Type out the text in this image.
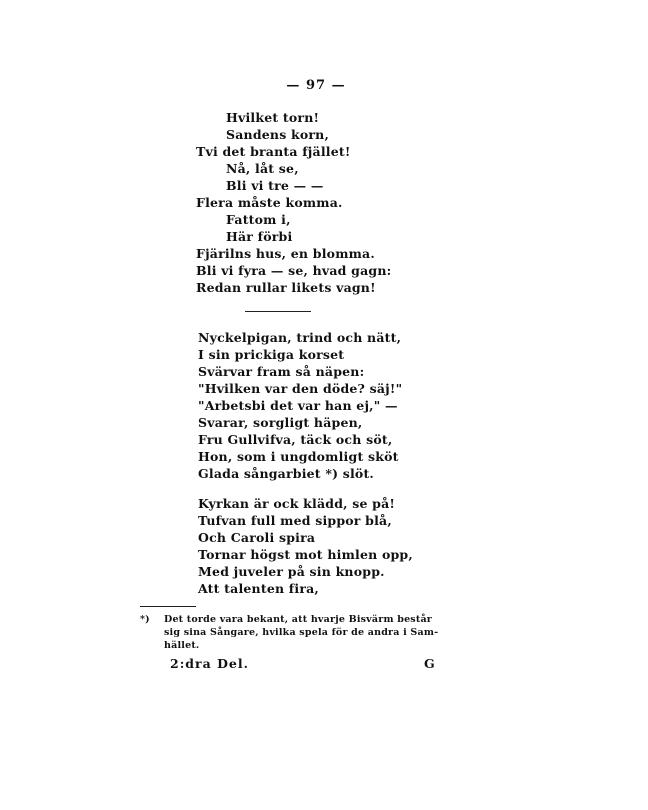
— 97 —
Hvilket torn!
Sandens korn,
Tvi det branta fjället!
Nå, låt se,
Bli vi tre — —
Flera måste komma.
Fattom i,
Här förbi
Fjärilns hus, en blomma.
Bli vi fyra — se, hvad gagn:
Redan rullar likets vagn!
Nyckelpigan, trind och nätt,
I sin prickiga korset
Svärvar fram så näpen:
"Hvilken var den döde? säj!"
"Arbetsbi det var han ej," —
Svarar, sorgligt häpen,
Fru Gullvifva, täck och söt,
Hon, som i ungdomligt sköt
Glada sångarbiet *) slöt.
Kyrkan är ock klädd, se på!
Tufvan full med sippor blå,
Och Caroli spira
Tornar högst mot himlen opp,
Med juveler på sin knopp.
Att talenten fira,
*) Det torde vara bekant, att hvarje Bisvärm består
sig sina Sångare, hvilka spela för de andra i Sam-
hället.
2:dra Del.	G
